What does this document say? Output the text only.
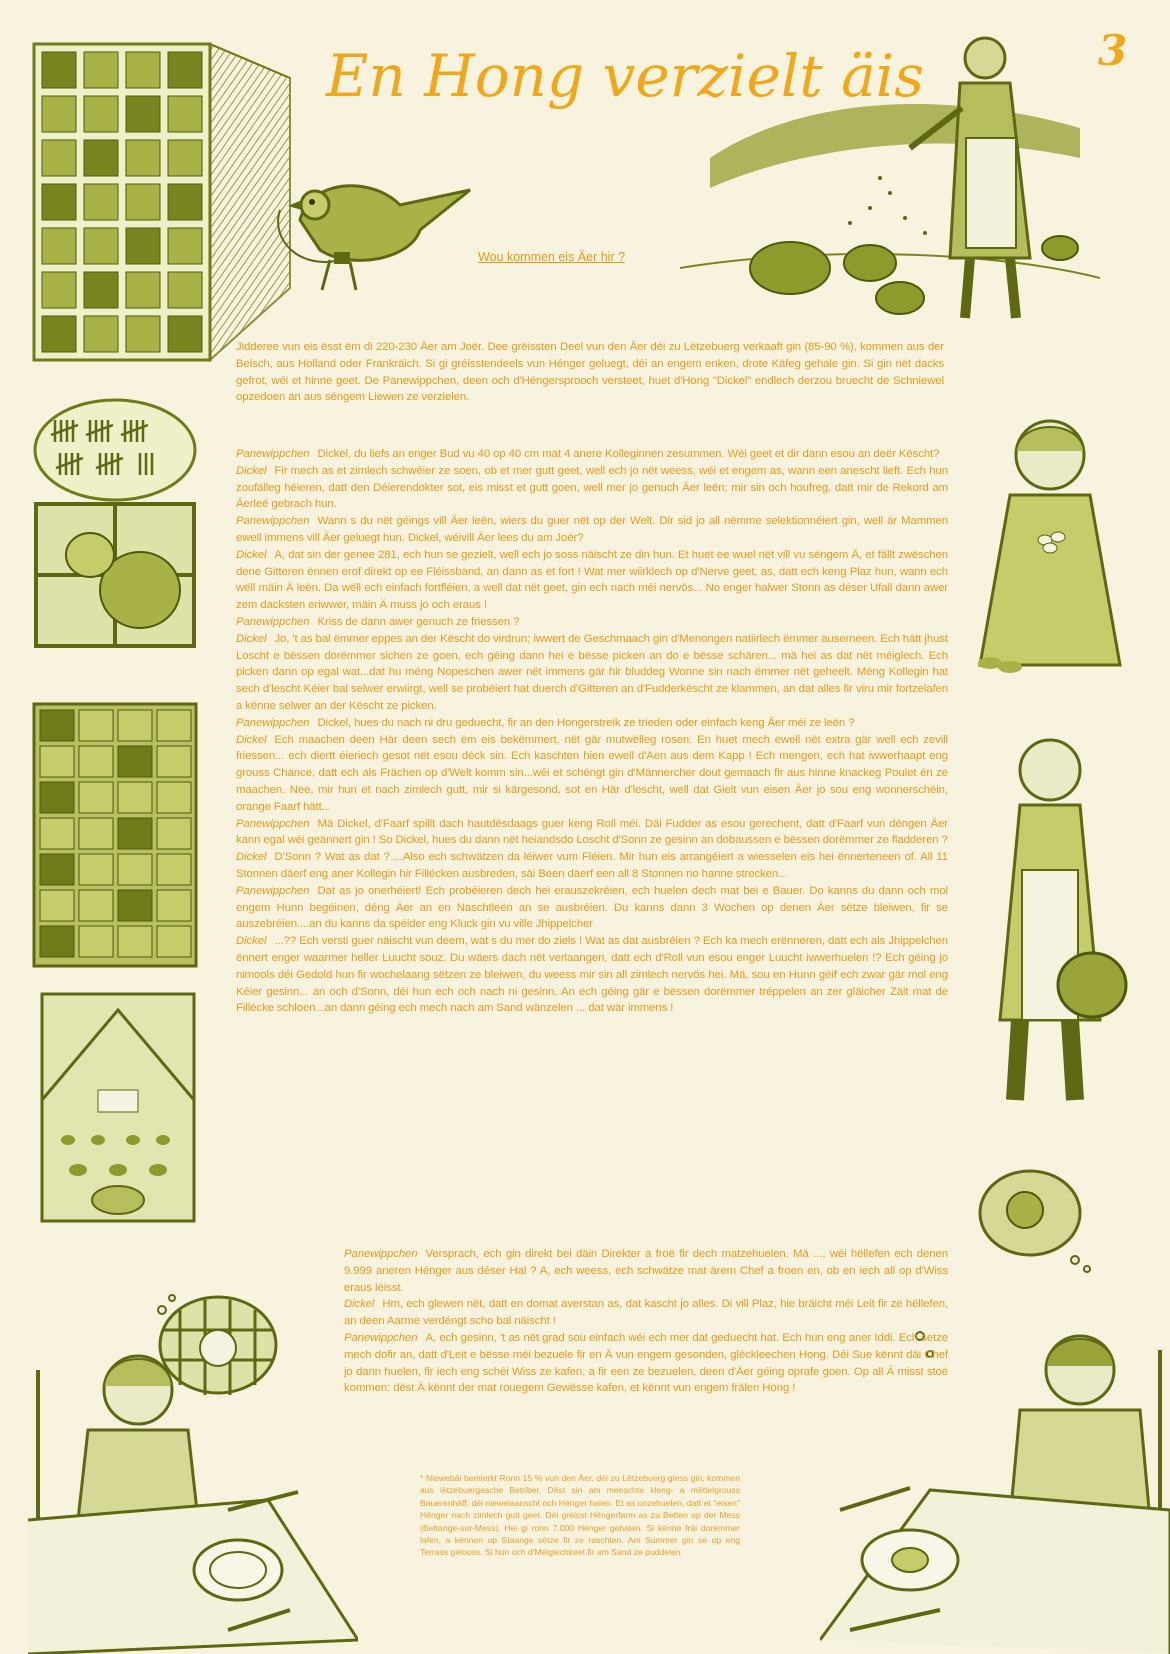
En Hong verzielt äis	3
Wou kommen eis Äer hir ?

Jidderee vun eis ësst ëm di 220-230 Äer am Joër. Dee grëissten Deel vun den Äer déi zu Lëtzebuerg verkaaft gin (85-90 %), kommen aus der Belsch, aus Holland oder Frankräich. Si gi gréisstendeels vun Hénger geluegt, déi an engem enken, drote Käfeg gehale gin. Si gin nët dacks gefrot, wéi et hinne geet. De Panewippchen, deen och d'Héngersprooch versteet, huet d'Hong "Dickel" endlech derzou bruecht de Schniewel opzedoen an aus séngem Liewen ze verzielen.

Panewippchen Dickel, du liefs an enger Bud vu 40 op 40 cm mat 4 anere Kolleginnen zesummen. Wéi geet et dir dann esou an deër Këscht?

Dickel Fir mech as et zimlech schwéier ze soen, ob et mer gutt geet, well ech jo nët weess, wéi et engem as, wann een anescht lieft. Ech hun zoufälleg héieren, datt den Déierendokter sot, eis misst et gutt goen, well mer jo genuch Äer leën; mir sin och houfreg, datt mir de Rekord am Äerleë gebrach hun.

Panewippchen Wann s du nët géings vill Äer leën, wiers du guer nët op der Welt. Dir sid jo all nëmme selektionnéiert gin, well är Mammen ewell immens vill Äer geluegt hun. Dickel, wéivill Äer lees du am Joër?

Dickel A, dat sin der genee 281, ech hun se gezielt, well ech jo soss näischt ze din hun. Et huet ee wuel nët vill vu séngem Ä, et fällt zwëschen dene Gitteren ënnen erof direkt op ee Fléissband, an dann as et fort ! Wat mer wiirklech op d'Nerve geet, as, datt ech keng Plaz hun, wann ech wëll mäin Ä leën. Da wëll ech einfach fortfléien, a well dat nët geet, gin ech nach méi nervös... No enger halwer Stonn as déser Ufall dann awer zem dacksten eriwwer, mäin Ä muss jo och eraus !

Panewippchen Kriss de dann awer genuch ze friessen ?

Dickel Jo, 't as bal ëmmer eppes an der Këscht do virdrun; iwwert de Geschmaach gin d'Menongen natiirlech ëmmer auserneen. Ech hätt jhust Loscht e bëssen dorëmmer sichen ze goen, ech géing dann hei e bësse picken an do e bësse schären... mä hei as dat nët méiglech. Ech picken dann op egal wat...dat hu méng Nopeschen awer nët immens gär hir bluddeg Wonne sin nach ëmmer nët geheelt. Méng Kollegin hat sech d'lescht Kéier bal selwer erwiirgt, well se probéiert hat duerch d'Gitteren an d'Fudderkëscht ze klammen, an dat alles fir viru mir fortzelafen a kënne selwer an der Këscht ze picken.

Panewippchen Dickel, hues du nach ni dru geduecht, fir an den Hongerstreik ze trieden oder einfach keng Äer méi ze leën ?

Dickel Ech maachen deen Här deen sech ëm eis bekëmmert, nët gär mutwëlleg rosen. En huet mech ewell nët extra gär well ech zevill friessen... ech diertt éieriech gesot nët esou déck sin. Ech kaschten hien ewell d'Aen aus dem Kapp ! Ech mengen, ech hat iwwerhaapt eng grouss Chance, datt ech als Frächen op d'Welt komm sin...wéi et schéngt gin d'Männercher dout gemaach fir aus hinne knackeg Poulet én ze maachen. Nee, mir hun et nach zimlech gutt, mir si kärgesond, sot en Här d'lescht, well dat Gielt vun eisen Äer jo sou eng wonnerschéin, orange Faarf hätt...

Panewippchen Mä Dickel, d'Faarf spillt dach hautdësdaags guer keng Roll méi. Däi Fudder as esou gerechent, datt d'Faarf vun déngen Äer kann egal wéi geännert gin ! So Dickel, hues du dann nët heiandsdo Loscht d'Sonn ze gesinn an dobaussen e bëssen dorëmmer ze fladderen ?

Dickel D'Sonn ? Wat as dat ? ...Also ech schwätzen da léiwer vum Fléien. Mir hun eis arrangéiert a wiesselen eis hei ënnerteneen of. All 11 Stonnen däerf eng aner Kollegin hir Fillécken ausbreden, säi Been däerf een all 8 Stonnen no hanne strecken...

Panewippchen Dat as jo onerhéiert! Ech probéieren dech hei erauszekréien, ech huelen dech mat bei e Bauer. Do kanns du dann och mol engem Hunn begéinen, déng Äer an en Naschtleën an se ausbréien. Du kanns dann 3 Wochen op denen Äer sëtze bleiwen, fir se auszebréien....an du kanns da spéider eng Kluck gin vu ville Jhippelcher

Dickel ...?? Ech versti guer näischt vun deem, wat s du mer do ziels ! Wat as dat ausbréien ? Ech ka mech erënneren, datt ech als Jhippelchen ënnert enger waarmer heller Luucht souz. Du wäers dach nët verlaangen, datt ech d'Roll vun esou enger Luucht iwwerhuelen !? Ech géing jo nimools déi Gedold hun fir wochelaang sëtzen ze bleiwen, du weess mir sin all zimlech nervös hei. Mä, sou en Hunn géif ech zwar gär mol eng Kéier gesinn... an och d'Sonn, déi hun ech och nach ni gesinn. An ech géing gär e bëssen dorëmmer tréppelen an zer gläicher Zäit mat de Fillécke schloen...an dann géing ech mech nach am Sand wänzelen ... dat wär immens !

Panewippchen Versprach, ech gin direkt bei däin Direkter a froë fir dech matzehuelen. Mä ..., wéi hëllefen ech denen 9.999 aneren Hénger aus déser Hal ? A, ech weess, ech schwätze mat ärem Chef a froen en, ob en iech all op d'Wiss eraus léisst.

Dickel Hm, ech glewen nët, datt en domat averstan as, dat kascht jo alles. Di vill Plaz, hie bräicht méi Leit fir ze hëllefen, an deen Aarme verdéngt scho bal näischt !

Panewippchen A, ech gesinn, 't as nët grad sou einfach wéi ech mer dat geduecht hat. Ech hun eng aner Iddi. Ech setze mech dofir an, datt d'Leit e bësse méi bezuele fir en Ä vun engem gesonden, gléckleechen Hong. Déi Sue kënnt däi Chef jo dann huelen, fir iech eng schéi Wiss ze kafen, a fir een ze bezuelen, deen d'Äer géing oprafe goen. Op all Ä misst stoë kommen: dëst Ä kënnt der mat rouegem Gewësse kafen, et kënnt vun engem frälen Hong !

* Niewebäi bemierkt Ronn 15 % vun den Äer, déi zu Lëtzebuerg giess gin, kommen aus lëtzebuergesche Betriber. Dëst sin am meeschte kleng- a mëttelgrouss Bauerenhäff, déi niewelaanscht och Hénger halen. Et as unzehuelen, datt et "eisen" Hénger nach zimlech gutt geet. Déi gréisst Héngerfarm as zu Betten op der Mess (Bettange-sur-Mess). Hei gi ronn 7.000 Hénger gehalen. Si kënne fräi dorëmmer lafen, a kënnen op Staange sëtze fir ze raschten. Am Summer gin se op eng Terrass gelooss. Si hun och d'Méiglechkeet fir am Sand ze puddelen.
